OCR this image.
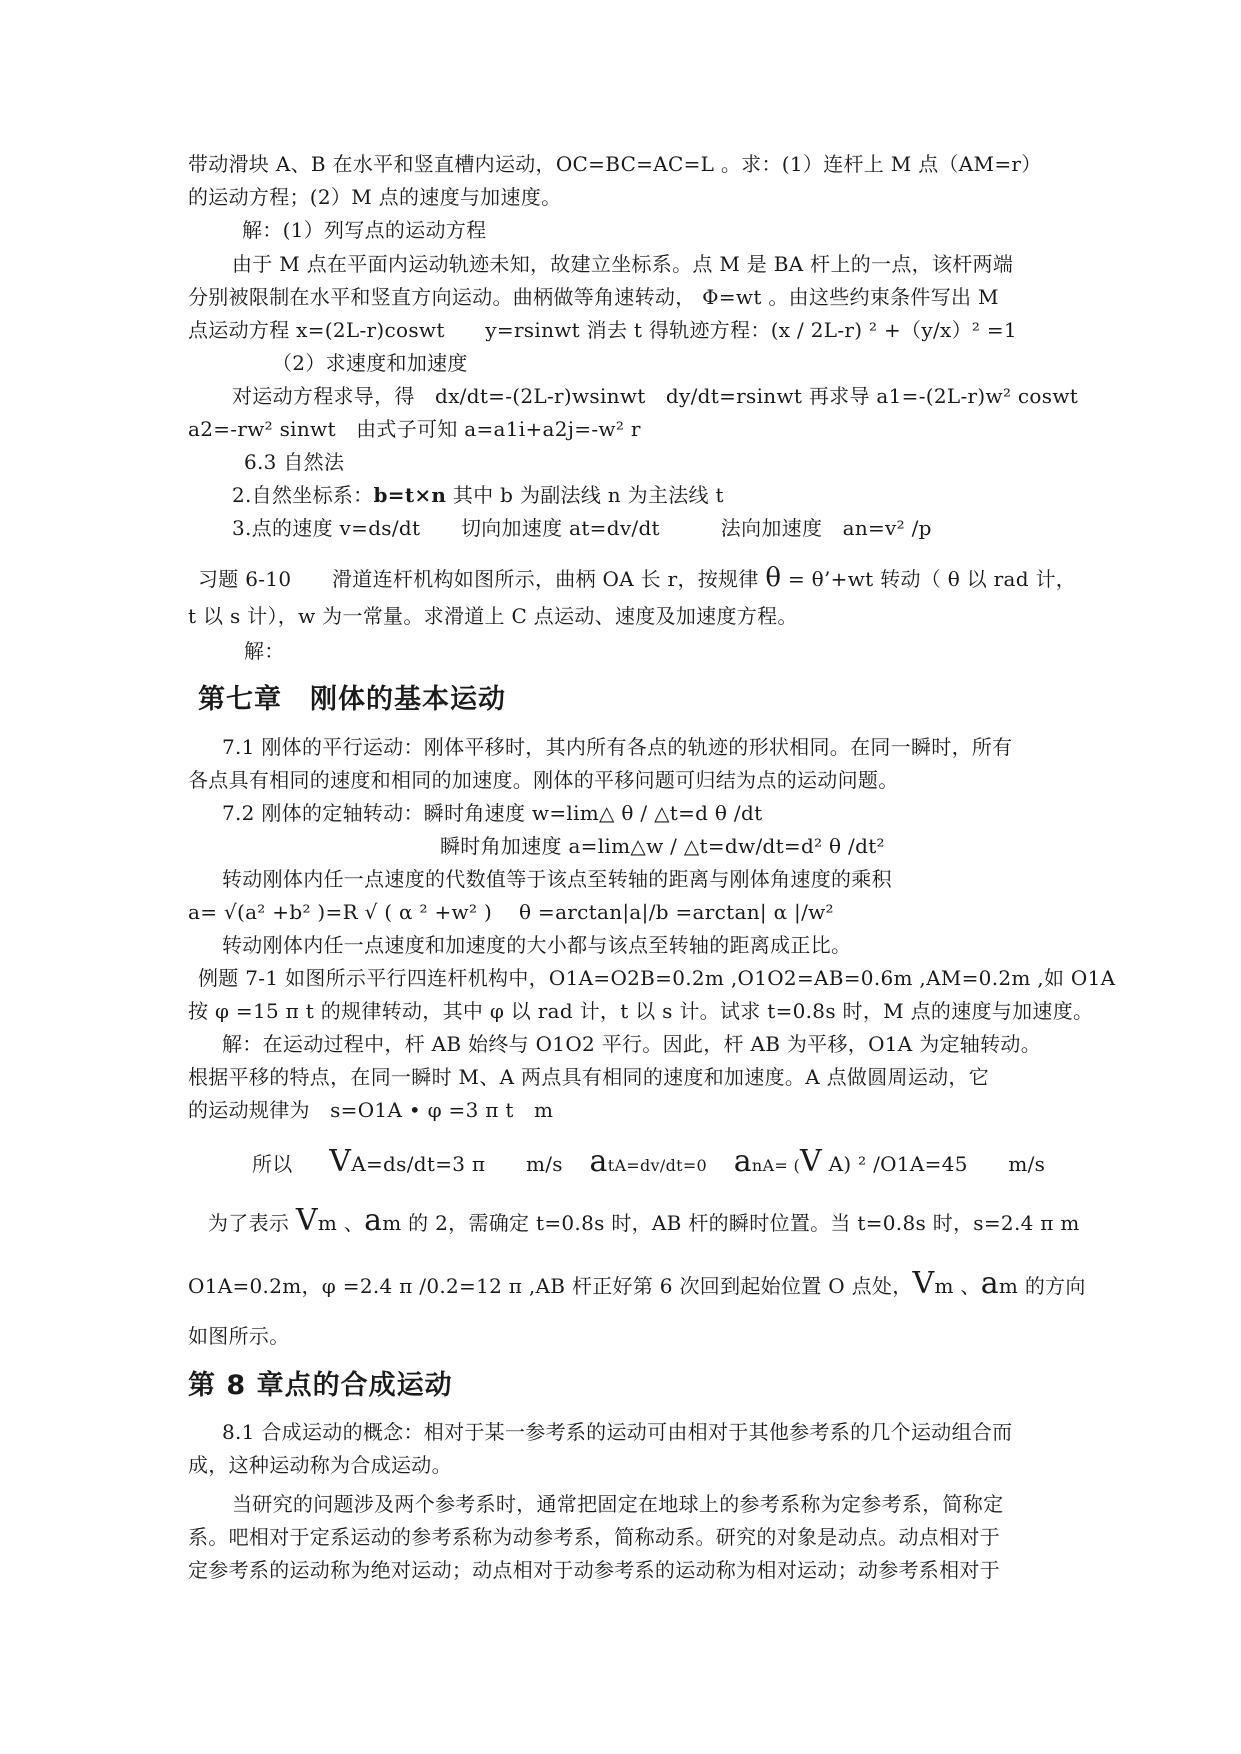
带动滑块 A、B 在水平和竖直槽内运动，OC=BC=AC=L 。求：(1）连杆上 M 点（AM=r）
的运动方程；(2）M 点的速度与加速度。
解：(1）列写点的运动方程
由于 M 点在平面内运动轨迹未知，故建立坐标系。点 M 是 BA 杆上的一点，该杆两端
分别被限制在水平和竖直方向运动。曲柄做等角速转动， Φ=wt 。由这些约束条件写出 M
点运动方程 x=(2L-r)coswt　　y=rsinwt 消去 t 得轨迹方程：(x / 2L-r) ² +（y/x）² =1
（2）求速度和加速度
对运动方程求导，得　dx/dt=-(2L-r)wsinwt　dy/dt=rsinwt 再求导 a1=-(2L-r)w² coswt
a2=-rw² sinwt　由式子可知 a=a1i+a2j=-w² r
6.3 自然法
2.自然坐标系：b=t×n 其中 b 为副法线 n 为主法线 t
3.点的速度 v=ds/dt　　切向加速度 at=dv/dt　　　法向加速度　an=v² /p
习题 6-10　　滑道连杆机构如图所示，曲柄 OA 长 r，按规律 θ = θ’+wt 转动（ θ 以 rad 计，
t 以 s 计），w 为一常量。求滑道上 C 点运动、速度及加速度方程。
解：
第七章　刚体的基本运动
7.1 刚体的平行运动：刚体平移时，其内所有各点的轨迹的形状相同。在同一瞬时，所有
各点具有相同的速度和相同的加速度。刚体的平移问题可归结为点的运动问题。
7.2 刚体的定轴转动：瞬时角速度 w=lim△ θ / △t=d θ /dt
瞬时角加速度 a=lim△w / △t=dw/dt=d² θ /dt²
转动刚体内任一点速度的代数值等于该点至转轴的距离与刚体角速度的乘积
a= √(a² +b² )=R √ ( α ² +w² )　 θ =arctan|a|/b =arctan| α |/w²
转动刚体内任一点速度和加速度的大小都与该点至转轴的距离成正比。
例题 7-1 如图所示平行四连杆机构中，O1A=O2B=0.2m ,O1O2=AB=0.6m ,AM=0.2m ,如 O1A
按 φ =15 π t 的规律转动，其中 φ 以 rad 计，t 以 s 计。试求 t=0.8s 时，M 点的速度与加速度。
解：在运动过程中，杆 AB 始终与 O1O2 平行。因此，杆 AB 为平移，O1A 为定轴转动。
根据平移的特点，在同一瞬时 M、A 两点具有相同的速度和加速度。A 点做圆周运动，它
的运动规律为　s=O1A • φ =3 π t　m
所以 VA=ds/dt=3 π　　m/s atA=dv/dt=0 anA= (V A) ² /O1A=45　　m/s
为了表示 Vm 、am 的 2，需确定 t=0.8s 时，AB 杆的瞬时位置。当 t=0.8s 时，s=2.4 π m
O1A=0.2m，φ =2.4 π /0.2=12 π ,AB 杆正好第 6 次回到起始位置 O 点处，Vm 、am 的方向
如图所示。
第 8 章点的合成运动
8.1 合成运动的概念：相对于某一参考系的运动可由相对于其他参考系的几个运动组合而
成，这种运动称为合成运动。
当研究的问题涉及两个参考系时，通常把固定在地球上的参考系称为定参考系，简称定
系。吧相对于定系运动的参考系称为动参考系，简称动系。研究的对象是动点。动点相对于
定参考系的运动称为绝对运动；动点相对于动参考系的运动称为相对运动；动参考系相对于
